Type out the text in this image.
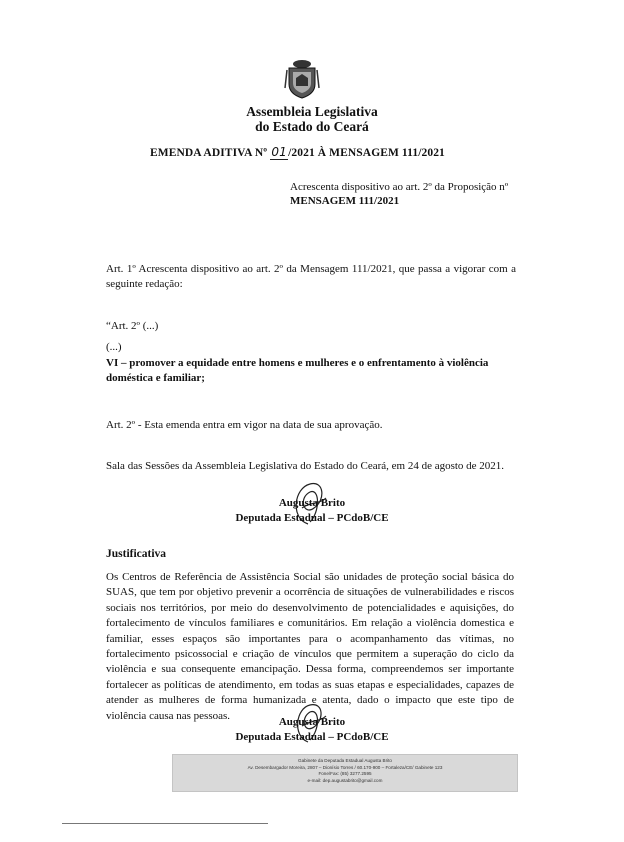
Assembleia Legislativa
do Estado do Ceará
EMENDA ADITIVA Nº 01/2021 À MENSAGEM 111/2021
Acrescenta dispositivo ao art. 2º da Proposição nº
MENSAGEM 111/2021
Art. 1º Acrescenta dispositivo ao art. 2º da Mensagem 111/2021, que passa a vigorar com a seguinte redação:
“Art. 2º (...)
(...)
VI – promover a equidade entre homens e mulheres e o enfrentamento à violência doméstica e familiar;
Art. 2º - Esta emenda entra em vigor na data de sua aprovação.
Sala das Sessões da Assembleia Legislativa do Estado do Ceará, em 24 de agosto de 2021.
Augusta Brito
Deputada Estadual – PCdoB/CE
Justificativa
Os Centros de Referência de Assistência Social são unidades de proteção social básica do SUAS, que tem por objetivo prevenir a ocorrência de situações de vulnerabilidades e riscos sociais nos territórios, por meio do desenvolvimento de potencialidades e aquisições, do fortalecimento de vínculos familiares e comunitários. Em relação a violência domestica e familiar, esses espaços são importantes para o acompanhamento das vítimas, no fortalecimento psicossocial e criação de vínculos que permitem a superação do ciclo da violência e sua consequente emancipação. Dessa forma, compreendemos ser importante fortalecer as políticas de atendimento, em todas as suas etapas e especialidades, capazes de atender as mulheres de forma humanizada e atenta, dado o impacto que este tipo de violência causa nas pessoas.
Augusta Brito
Deputada Estadual – PCdoB/CE
Gabinete da Deputada Estadual Augusta Brito
Av. Desembargador Moreira, 2807 – Dionísio Torres / 60.170-900 – Fortaleza/CE/ Gabinete 123
Fone/Fax: (85) 3277.2595
e-mail: dep.augustabrito@gmail.com
